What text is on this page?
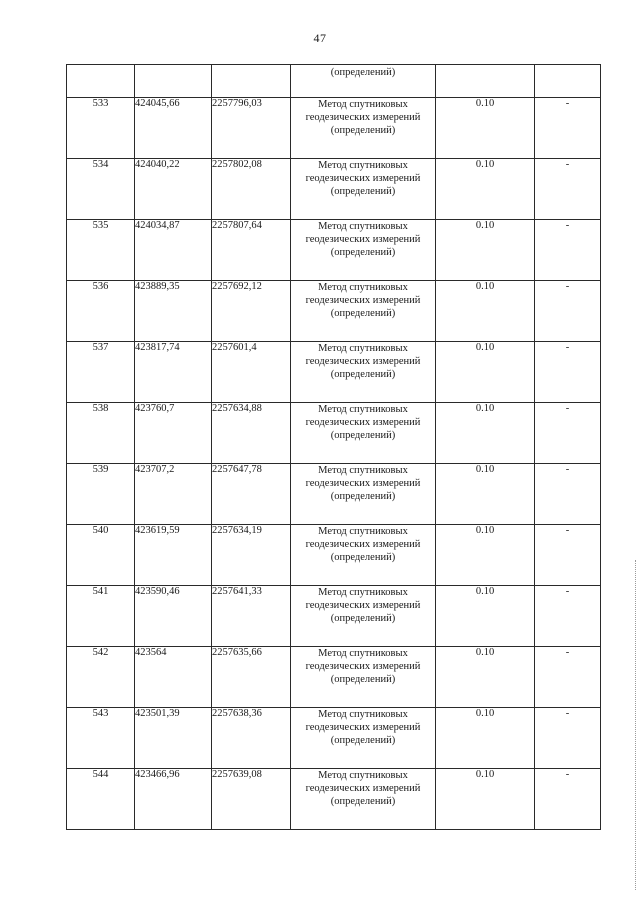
47

			(определений)		

533	424045,66	2257796,03	Метод спутниковых
геодезических измерений
(определений)	0.10	-
534	424040,22	2257802,08	Метод спутниковых
геодезических измерений
(определений)	0.10	-
535	424034,87	2257807,64	Метод спутниковых
геодезических измерений
(определений)	0.10	-
536	423889,35	2257692,12	Метод спутниковых
геодезических измерений
(определений)	0.10	-
537	423817,74	2257601,4	Метод спутниковых
геодезических измерений
(определений)	0.10	-
538	423760,7	2257634,88	Метод спутниковых
геодезических измерений
(определений)	0.10	-
539	423707,2	2257647,78	Метод спутниковых
геодезических измерений
(определений)	0.10	-
540	423619,59	2257634,19	Метод спутниковых
геодезических измерений
(определений)	0.10	-
541	423590,46	2257641,33	Метод спутниковых
геодезических измерений
(определений)	0.10	-
542	423564	2257635,66	Метод спутниковых
геодезических измерений
(определений)	0.10	-
543	423501,39	2257638,36	Метод спутниковых
геодезических измерений
(определений)	0.10	-
544	423466,96	2257639,08	Метод спутниковых
геодезических измерений
(определений)	0.10	-
